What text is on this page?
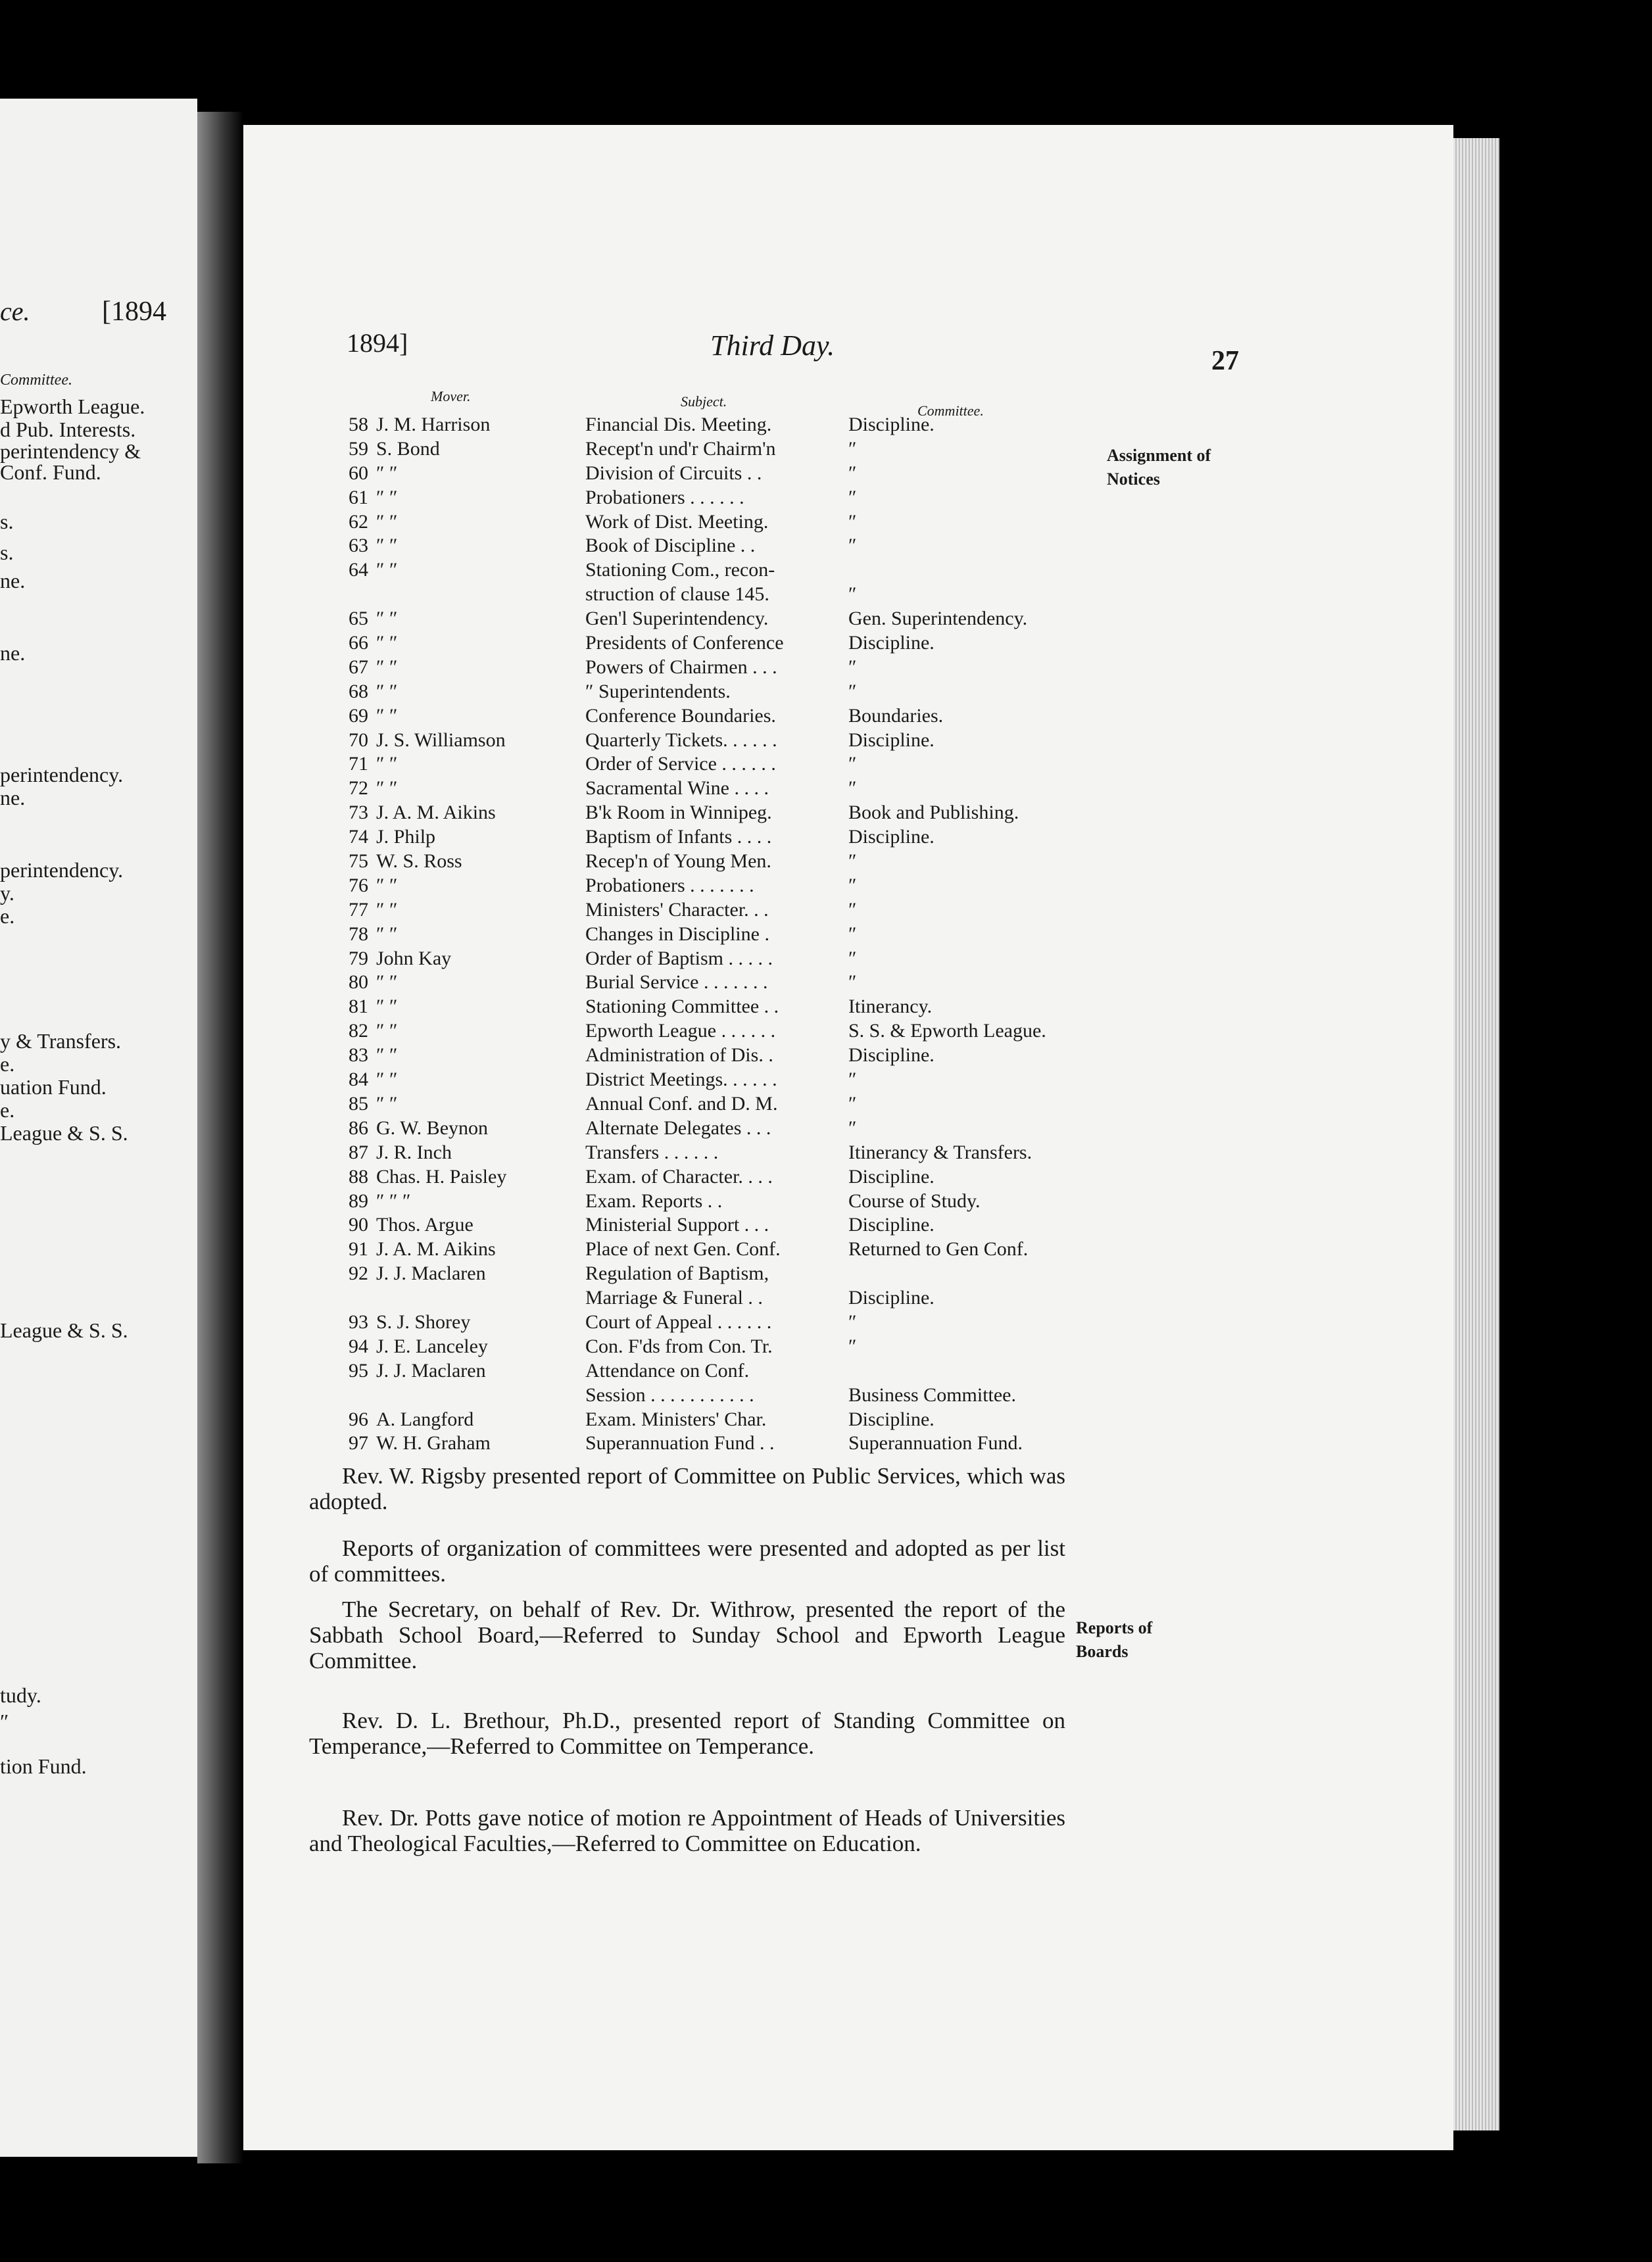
ce.	[1894
Committee.
Epworth League.
d Pub. Interests.
perintendency &
Conf. Fund.
s.
s.
ne.
ne.
perintendency.
ne.
perintendency.
y.
e.
y & Transfers.
e.
uation Fund.
e.
League & S. S.
League & S. S.
tudy.
″
tion Fund.
1894]	Third Day.	27
Mover.	Subject.
Committee.
58 J. M. Harrison	Financial Dis. Meeting.	Discipline.
59 S. Bond	Recept'n und'r Chairm'n	″
60 ″ ″	Division of Circuits . .	″
61 ″ ″	Probationers . . . . . .	″
62 ″ ″	Work of Dist. Meeting.	″
63 ″ ″	Book of Discipline . .	″
64 ″ ″	Stationing Com., recon-
struction of clause 145.	″
65 ″ ″	Gen'l Superintendency.	Gen. Superintendency.
66 ″ ″	Presidents of Conference	Discipline.
67 ″ ″	Powers of Chairmen . . .	″
68 ″ ″	″ Superintendents.	″
69 ″ ″	Conference Boundaries.	Boundaries.
70 J. S. Williamson	Quarterly Tickets. . . . . .	Discipline.
71 ″ ″	Order of Service . . . . . .	″
72 ″ ″	Sacramental Wine . . . .	″
73 J. A. M. Aikins	B'k Room in Winnipeg.	Book and Publishing.
74 J. Philp	Baptism of Infants . . . .	Discipline.
75 W. S. Ross	Recep'n of Young Men.	″
76 ″ ″	Probationers . . . . . . .	″
77 ″ ″	Ministers' Character. . .	″
78 ″ ″	Changes in Discipline .	″
79 John Kay	Order of Baptism . . . . .	″
80 ″ ″	Burial Service . . . . . . .	″
81 ″ ″	Stationing Committee . .	Itinerancy.
82 ″ ″	Epworth League . . . . . .	S. S. & Epworth League.
83 ″ ″	Administration of Dis. .	Discipline.
84 ″ ″	District Meetings. . . . . .	″
85 ″ ″	Annual Conf. and D. M.	″
86 G. W. Beynon	Alternate Delegates . . .	″
87 J. R. Inch	Transfers . . . . . .	Itinerancy & Transfers.
88 Chas. H. Paisley	Exam. of Character. . . .	Discipline.
89 ″ ″ ″	Exam. Reports . .	Course of Study.
90 Thos. Argue	Ministerial Support . . .	Discipline.
91 J. A. M. Aikins	Place of next Gen. Conf.	Returned to Gen Conf.
92 J. J. Maclaren	Regulation of Baptism,
Marriage & Funeral . .	Discipline.
93 S. J. Shorey	Court of Appeal . . . . . .	″
94 J. E. Lanceley	Con. F'ds from Con. Tr.	″
95 J. J. Maclaren	Attendance on Conf.
Session . . . . . . . . . . .	Business Committee.
96 A. Langford	Exam. Ministers' Char.	Discipline.
97 W. H. Graham	Superannuation Fund . .	Superannuation Fund.
Assignment of Notices
Reports of Boards
Rev. W. Rigsby presented report of Committee on Public Services, which was adopted.
Reports of organization of committees were presented and adopted as per list of committees.
The Secretary, on behalf of Rev. Dr. Withrow, presented the report of the Sabbath School Board,—Referred to Sunday School and Epworth League Committee.
Rev. D. L. Brethour, Ph.D., presented report of Standing Committee on Temperance,—Referred to Committee on Temperance.
Rev. Dr. Potts gave notice of motion re Appointment of Heads of Universities and Theological Faculties,—Referred to Committee on Education.
